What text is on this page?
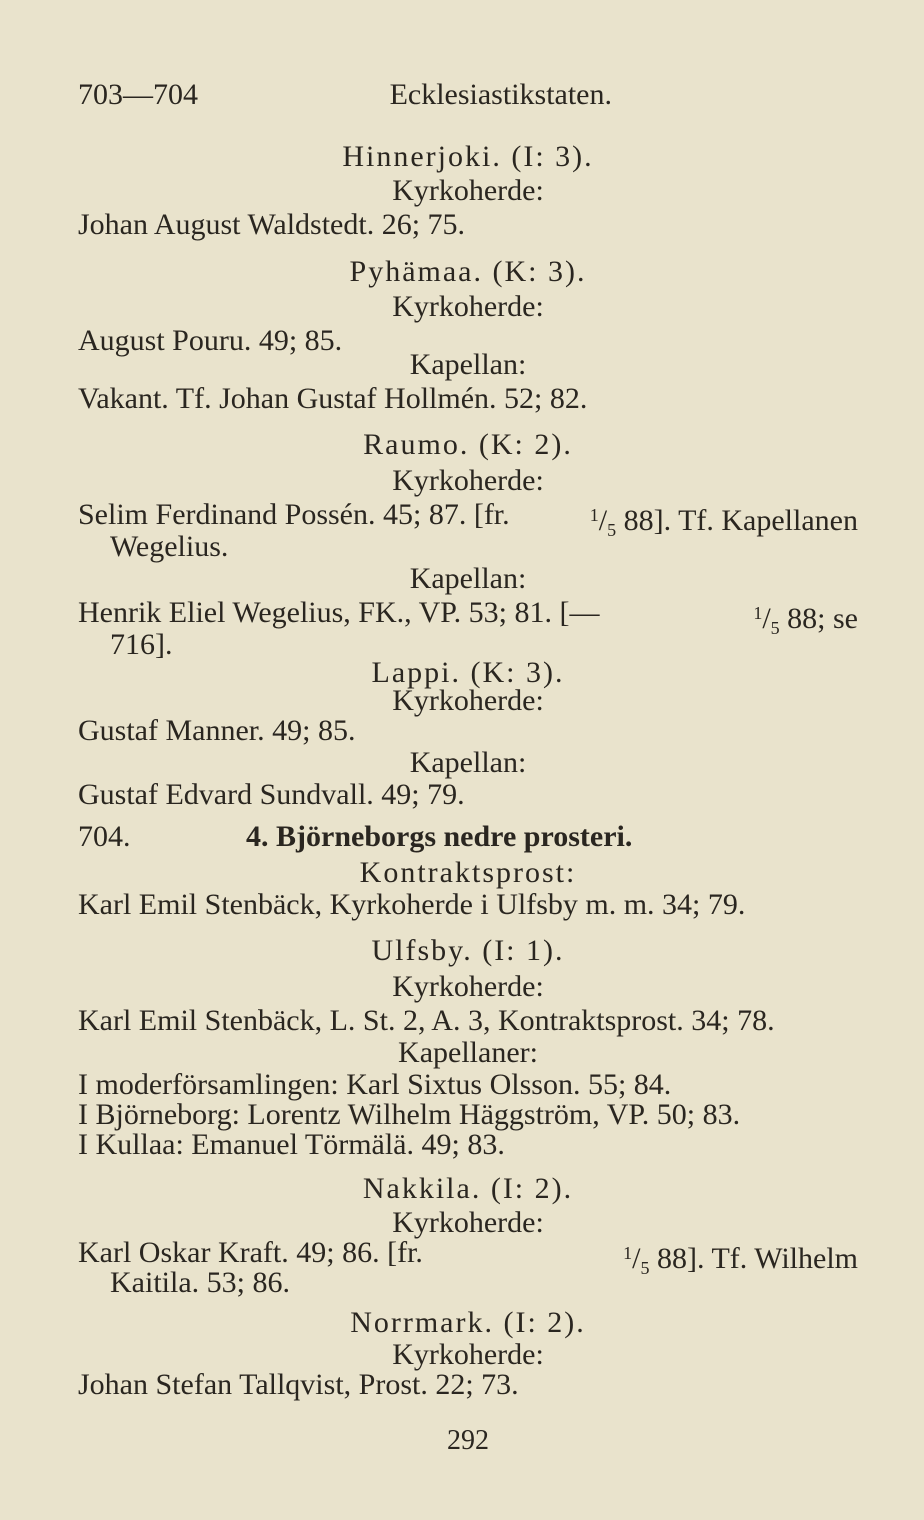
703—704	Ecklesiastikstaten.
Hinnerjoki. (I: 3).
Kyrkoherde:
Johan August Waldstedt. 26; 75.
Pyhämaa. (K: 3).
Kyrkoherde:
August Pouru. 49; 85.
Kapellan:
Vakant. Tf. Johan Gustaf Hollmén. 52; 82.
Raumo. (K: 2).
Kyrkoherde:
Selim Ferdinand Possén. 45; 87. [fr.	$^1/_5$ 88]. Tf. Kapellanen
Wegelius.
Kapellan:
Henrik Eliel Wegelius, FK., VP. 53; 81. [—	$^1/_5$ 88; se
716].
Lappi. (K: 3).
Kyrkoherde:
Gustaf Manner. 49; 85.
Kapellan:
Gustaf Edvard Sundvall. 49; 79.
704.	4. Björneborgs nedre prosteri.
Kontraktsprost:
Karl Emil Stenbäck, Kyrkoherde i Ulfsby m. m. 34; 79.
Ulfsby. (I: 1).
Kyrkoherde:
Karl Emil Stenbäck, L. St. 2, A. 3, Kontraktsprost. 34; 78.
Kapellaner:
I moderförsamlingen: Karl Sixtus Olsson. 55; 84.
I Björneborg: Lorentz Wilhelm Häggström, VP. 50; 83.
I Kullaa: Emanuel Törmälä. 49; 83.
Nakkila. (I: 2).
Kyrkoherde:
Karl Oskar Kraft. 49; 86. [fr.	$^1/_5$ 88]. Tf. Wilhelm
Kaitila. 53; 86.
Norrmark. (I: 2).
Kyrkoherde:
Johan Stefan Tallqvist, Prost. 22; 73.
292
